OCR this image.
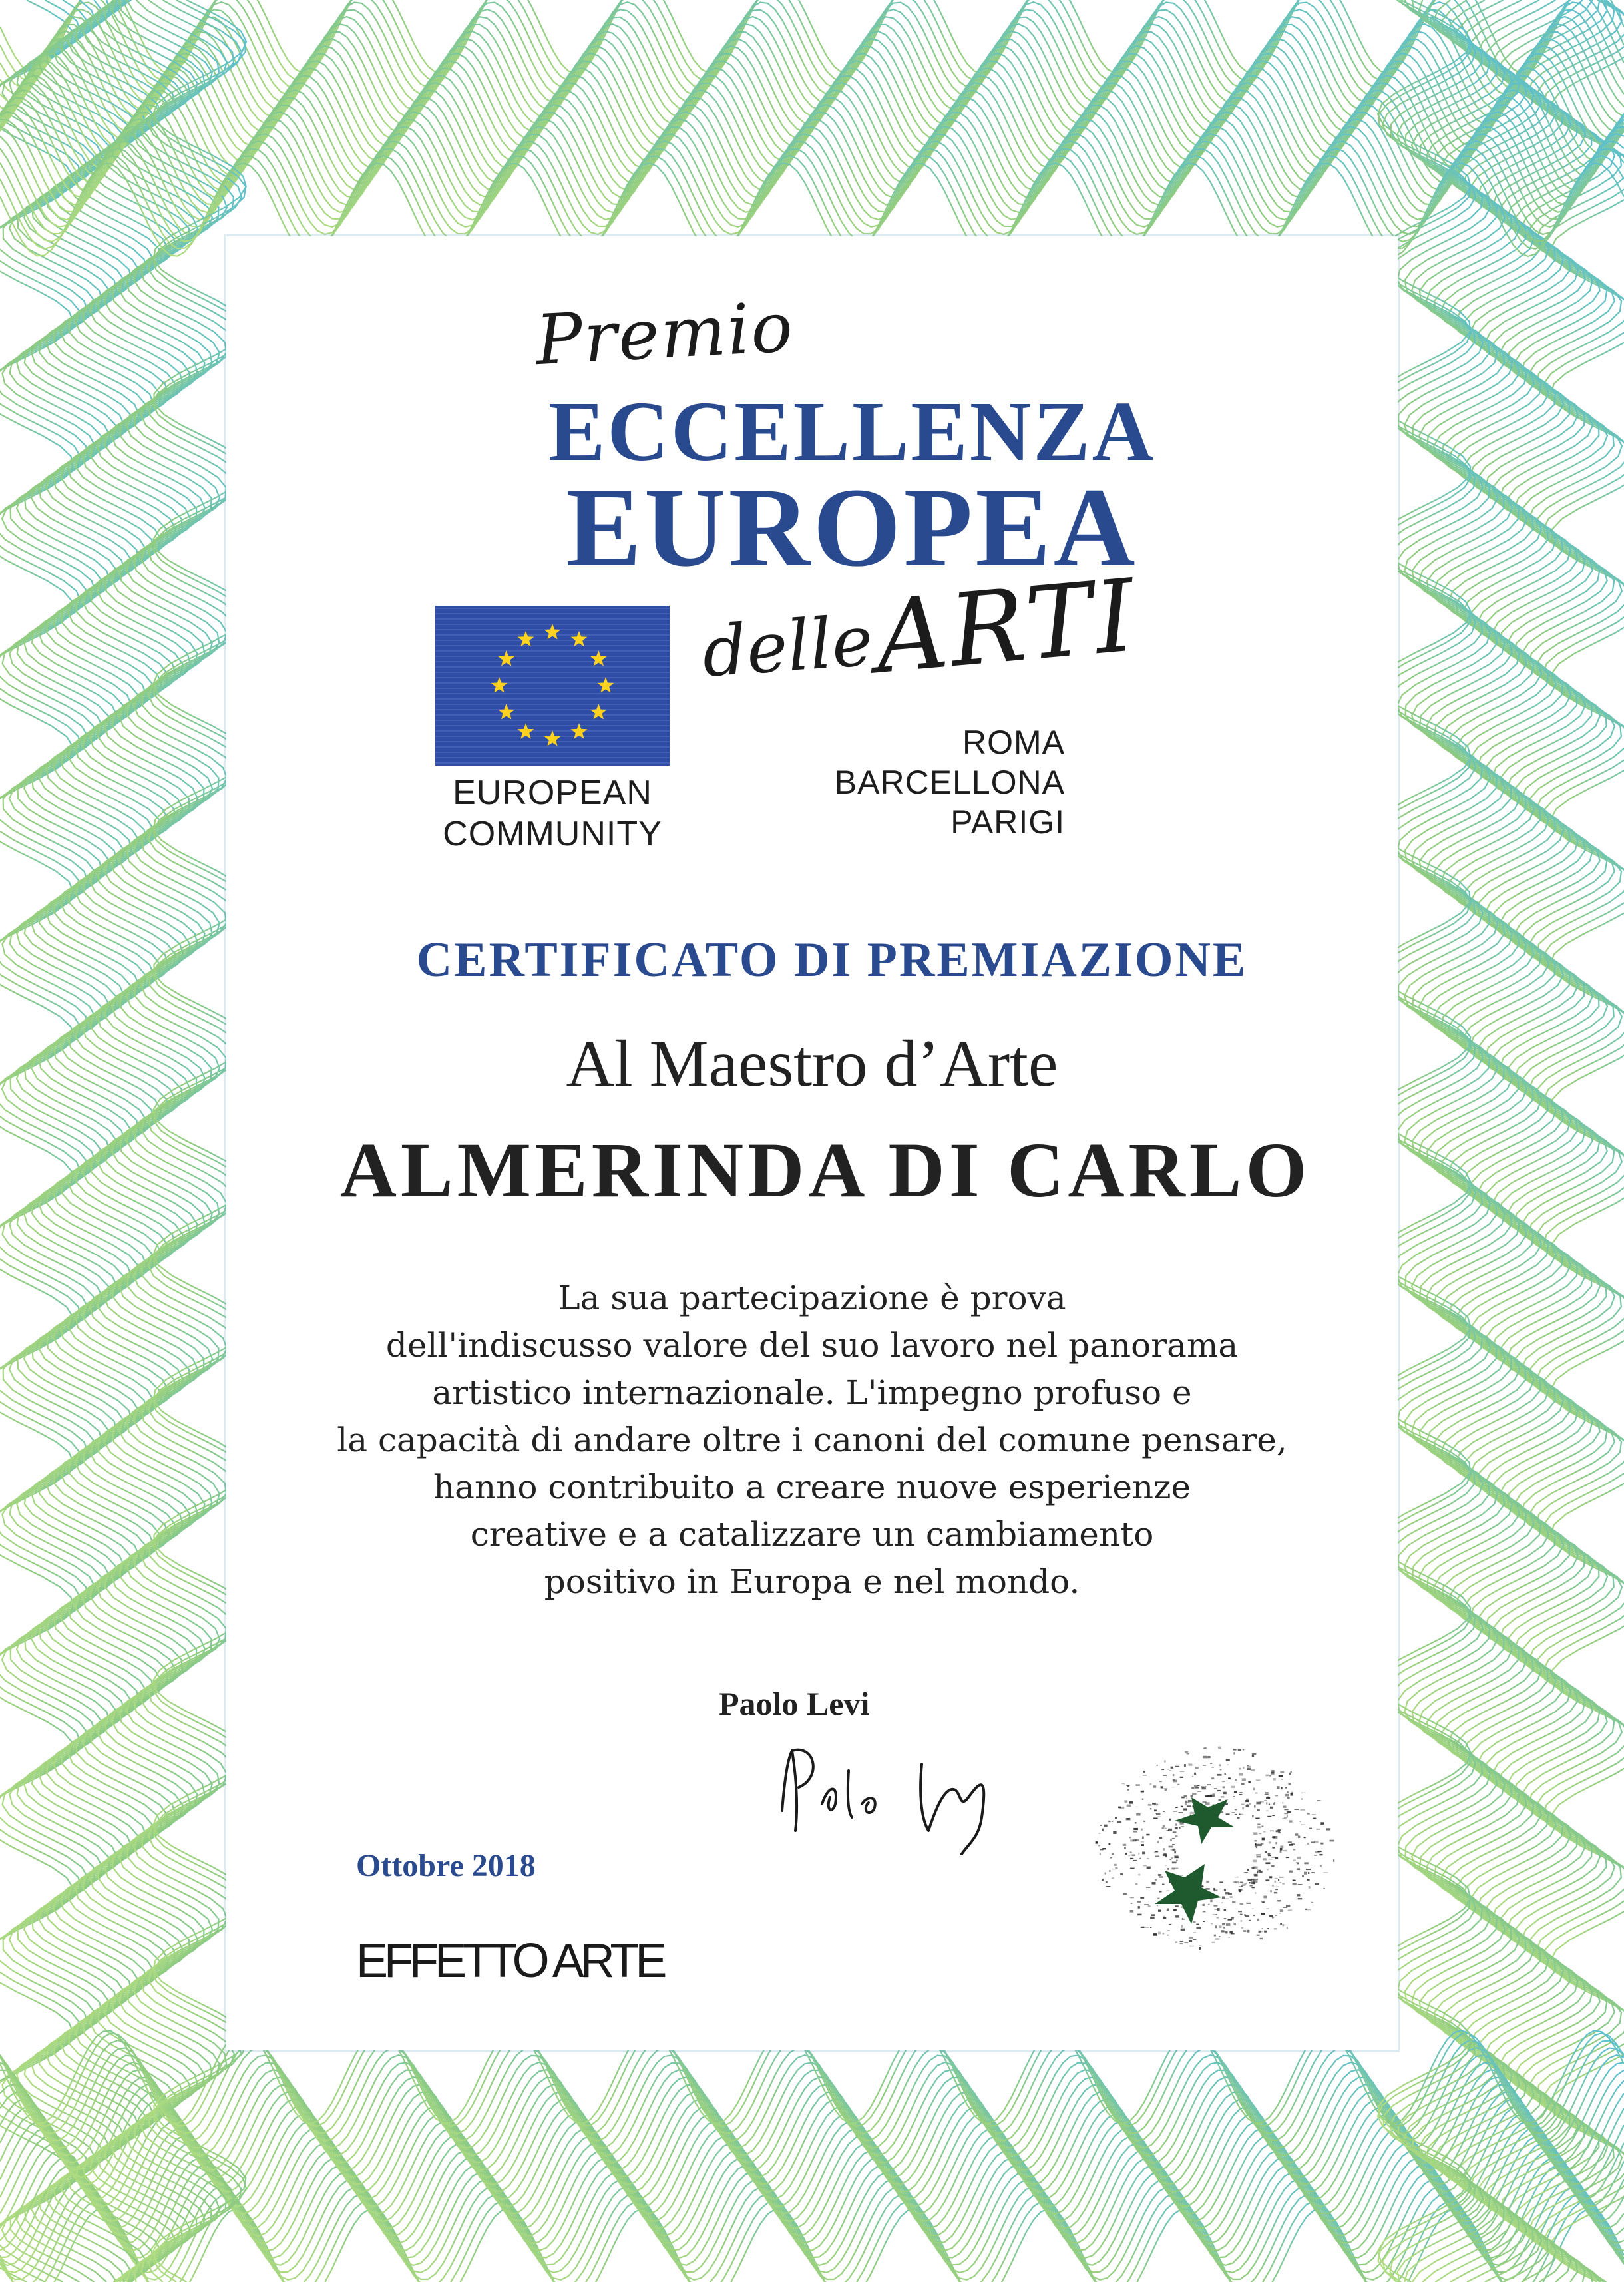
Premio
ECCELLENZA
EUROPEA
EUROPEAN
COMMUNITY
delle
ARTI
ROMA
BARCELLONA
PARIGI
CERTIFICATO DI PREMIAZIONE
Al Maestro d’Arte
ALMERINDA DI CARLO
La sua partecipazione è prova
dell'indiscusso valore del suo lavoro nel panorama
artistico internazionale. L'impegno profuso e
la capacità di andare oltre i canoni del comune pensare,
hanno contribuito a creare nuove esperienze
creative e a catalizzare un cambiamento
positivo in Europa e nel mondo.
Paolo Levi
Ottobre 2018
EFFETTO ARTE
